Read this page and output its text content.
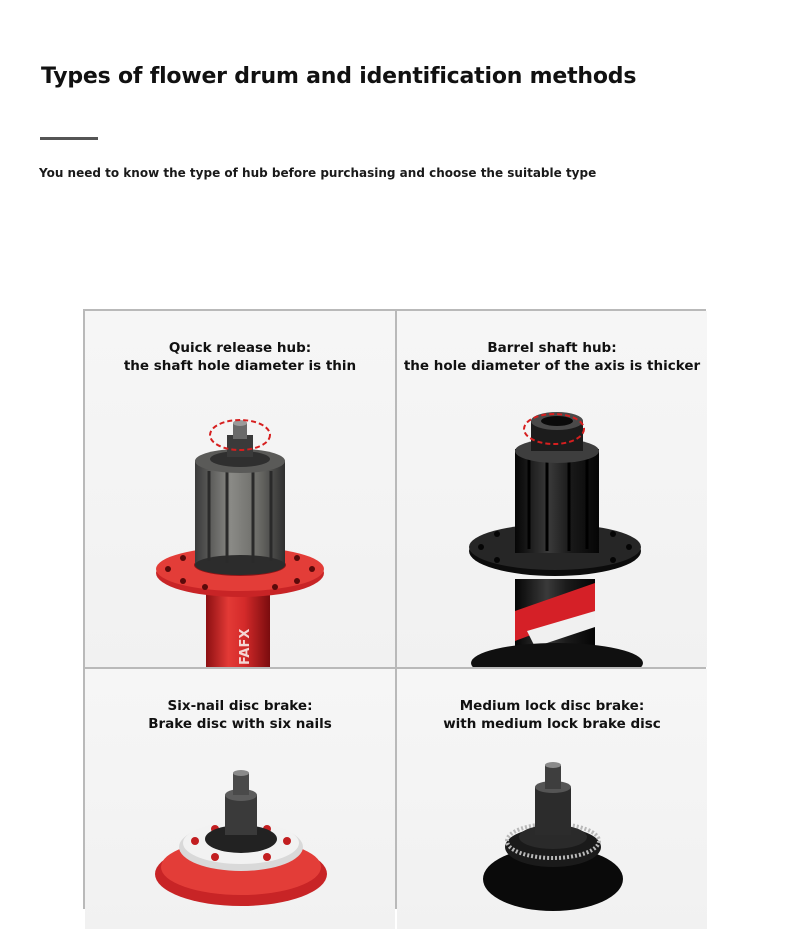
Types of flower drum and identification methods

You need to know the type of hub before purchasing and choose the suitable type

Quick release hub:
the shaft hole diameter is thin
FAFX
Barrel shaft hub:
the hole diameter of the axis is thicker
Six-nail disc brake:
Brake disc with six nails
Medium lock disc brake:
with medium lock brake disc
